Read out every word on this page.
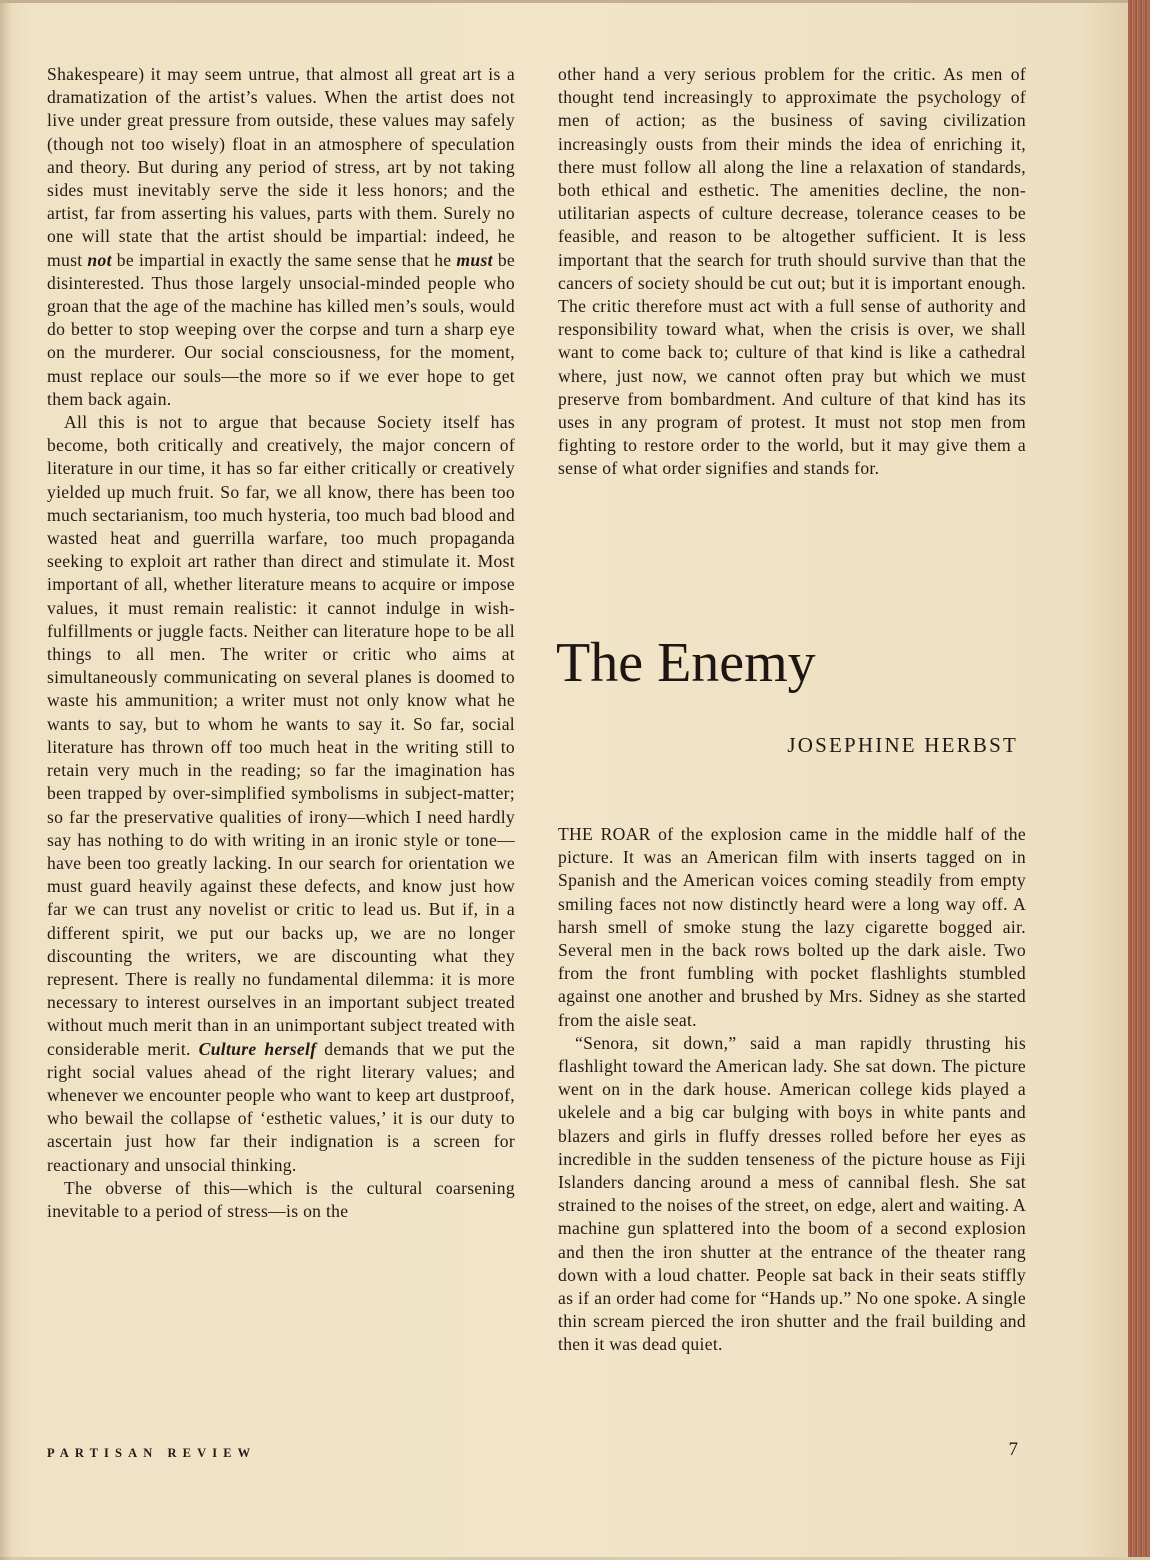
Shakespeare) it may seem untrue, that almost all great art is a dramatization of the artist’s values. When the artist does not live under great pressure from outside, these values may safely (though not too wisely) float in an atmosphere of speculation and theory. But during any period of stress, art by not taking sides must inevitably serve the side it less honors; and the artist, far from asserting his values, parts with them. Surely no one will state that the artist should be impartial: indeed, he must not be impartial in exactly the same sense that he must be disinterested. Thus those largely unsocial-minded people who groan that the age of the machine has killed men’s souls, would do better to stop weeping over the corpse and turn a sharp eye on the murderer. Our social consciousness, for the moment, must replace our souls—the more so if we ever hope to get them back again.

All this is not to argue that because Society itself has become, both critically and creatively, the major concern of literature in our time, it has so far either critically or creatively yielded up much fruit. So far, we all know, there has been too much sectarianism, too much hysteria, too much bad blood and wasted heat and guerrilla warfare, too much propaganda seeking to exploit art rather than direct and stimulate it. Most important of all, whether literature means to acquire or impose values, it must remain realistic: it cannot indulge in wish-fulfillments or juggle facts. Neither can literature hope to be all things to all men. The writer or critic who aims at simultaneously communicating on several planes is doomed to waste his ammunition; a writer must not only know what he wants to say, but to whom he wants to say it. So far, social literature has thrown off too much heat in the writing still to retain very much in the reading; so far the imagination has been trapped by over-simplified symbolisms in subject-matter; so far the preservative qualities of irony—which I need hardly say has nothing to do with writing in an ironic style or tone—have been too greatly lacking. In our search for orientation we must guard heavily against these defects, and know just how far we can trust any novelist or critic to lead us. But if, in a different spirit, we put our backs up, we are no longer discounting the writers, we are discounting what they represent. There is really no fundamental dilemma: it is more necessary to interest ourselves in an important subject treated without much merit than in an unimportant subject treated with considerable merit. Culture herself demands that we put the right social values ahead of the right literary values; and whenever we encounter people who want to keep art dustproof, who bewail the collapse of ‘esthetic values,’ it is our duty to ascertain just how far their indignation is a screen for reactionary and unsocial thinking.

The obverse of this—which is the cultural coarsening inevitable to a period of stress—is on the

other hand a very serious problem for the critic. As men of thought tend increasingly to approximate the psychology of men of action; as the business of saving civilization increasingly ousts from their minds the idea of enriching it, there must follow all along the line a relaxation of standards, both ethical and esthetic. The amenities decline, the non-utilitarian aspects of culture decrease, tolerance ceases to be feasible, and reason to be altogether sufficient. It is less important that the search for truth should survive than that the cancers of society should be cut out; but it is important enough. The critic therefore must act with a full sense of authority and responsibility toward what, when the crisis is over, we shall want to come back to; culture of that kind is like a cathedral where, just now, we cannot often pray but which we must preserve from bombardment. And culture of that kind has its uses in any program of protest. It must not stop men from fighting to restore order to the world, but it may give them a sense of what order signifies and stands for.

The Enemy
JOSEPHINE HERBST

THE ROAR of the explosion came in the middle half of the picture. It was an American film with inserts tagged on in Spanish and the American voices coming steadily from empty smiling faces not now distinctly heard were a long way off. A harsh smell of smoke stung the lazy cigarette bogged air. Several men in the back rows bolted up the dark aisle. Two from the front fumbling with pocket flashlights stumbled against one another and brushed by Mrs. Sidney as she started from the aisle seat.

“Senora, sit down,” said a man rapidly thrusting his flashlight toward the American lady. She sat down. The picture went on in the dark house. American college kids played a ukelele and a big car bulging with boys in white pants and blazers and girls in fluffy dresses rolled before her eyes as incredible in the sudden tenseness of the picture house as Fiji Islanders dancing around a mess of cannibal flesh. She sat strained to the noises of the street, on edge, alert and waiting. A machine gun splattered into the boom of a second explosion and then the iron shutter at the entrance of the theater rang down with a loud chatter. People sat back in their seats stiffly as if an order had come for “Hands up.” No one spoke. A single thin scream pierced the iron shutter and the frail building and then it was dead quiet.

PARTISAN REVIEW	7
